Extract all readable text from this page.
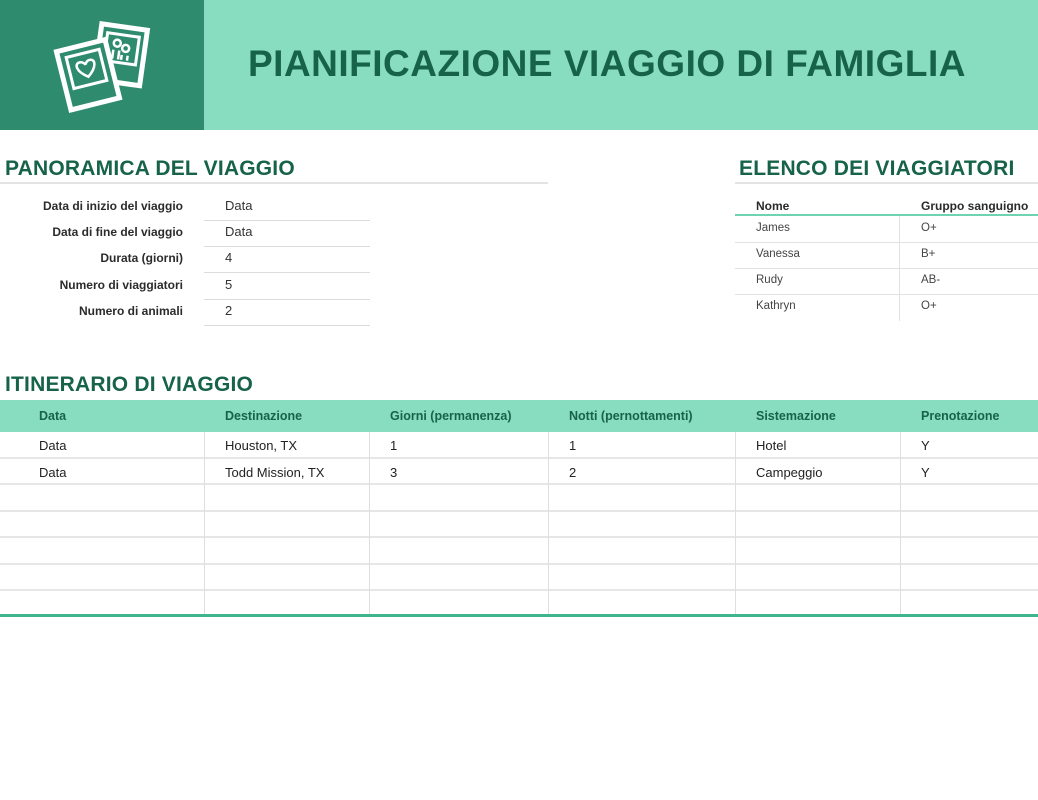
PIANIFICAZIONE VIAGGIO DI FAMIGLIA
PANORAMICA DEL VIAGGIO
Data di inizio del viaggio	Data
Data di fine del viaggio	Data
Durata (giorni)	4
Numero di viaggiatori	5
Numero di animali	2
ELENCO DEI VIAGGIATORI
Nome	Gruppo sanguigno
James	O+
Vanessa	B+
Rudy	AB-
Kathryn	O+
ITINERARIO DI VIAGGIO
Data	Destinazione	Giorni (permanenza)	Notti (pernottamenti)	Sistemazione	Prenotazione
Data	Houston, TX	1	1	Hotel	Y
Data	Todd Mission, TX	3	2	Campeggio	Y
